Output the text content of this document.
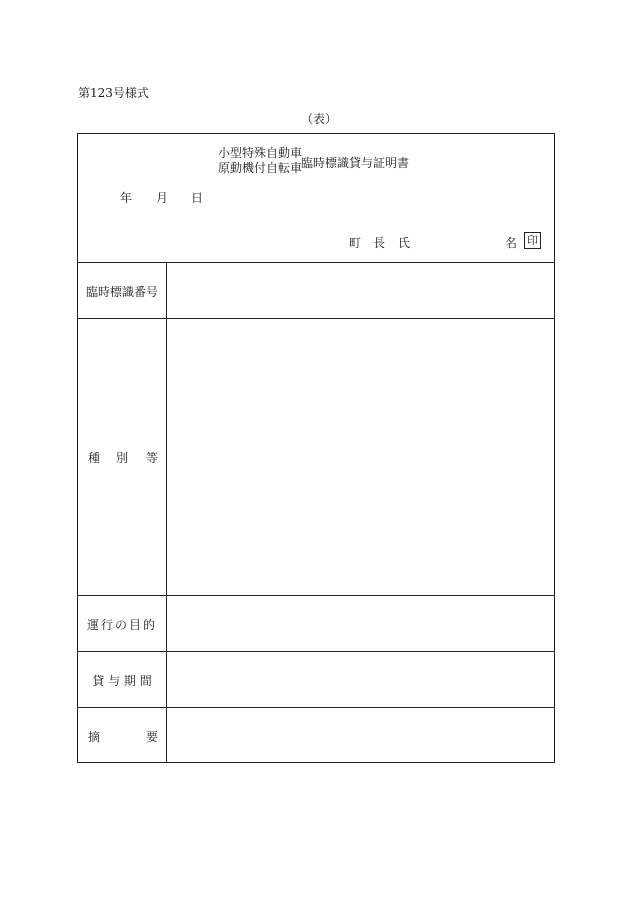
第123号様式
（表）
小型特殊自動車
原動機付自転車
臨時標識貸与証明書
年 月 日
町 長 氏	名 印
臨時標識番号
種 別 等
運行の目的
貸 与 期 間
摘	要
